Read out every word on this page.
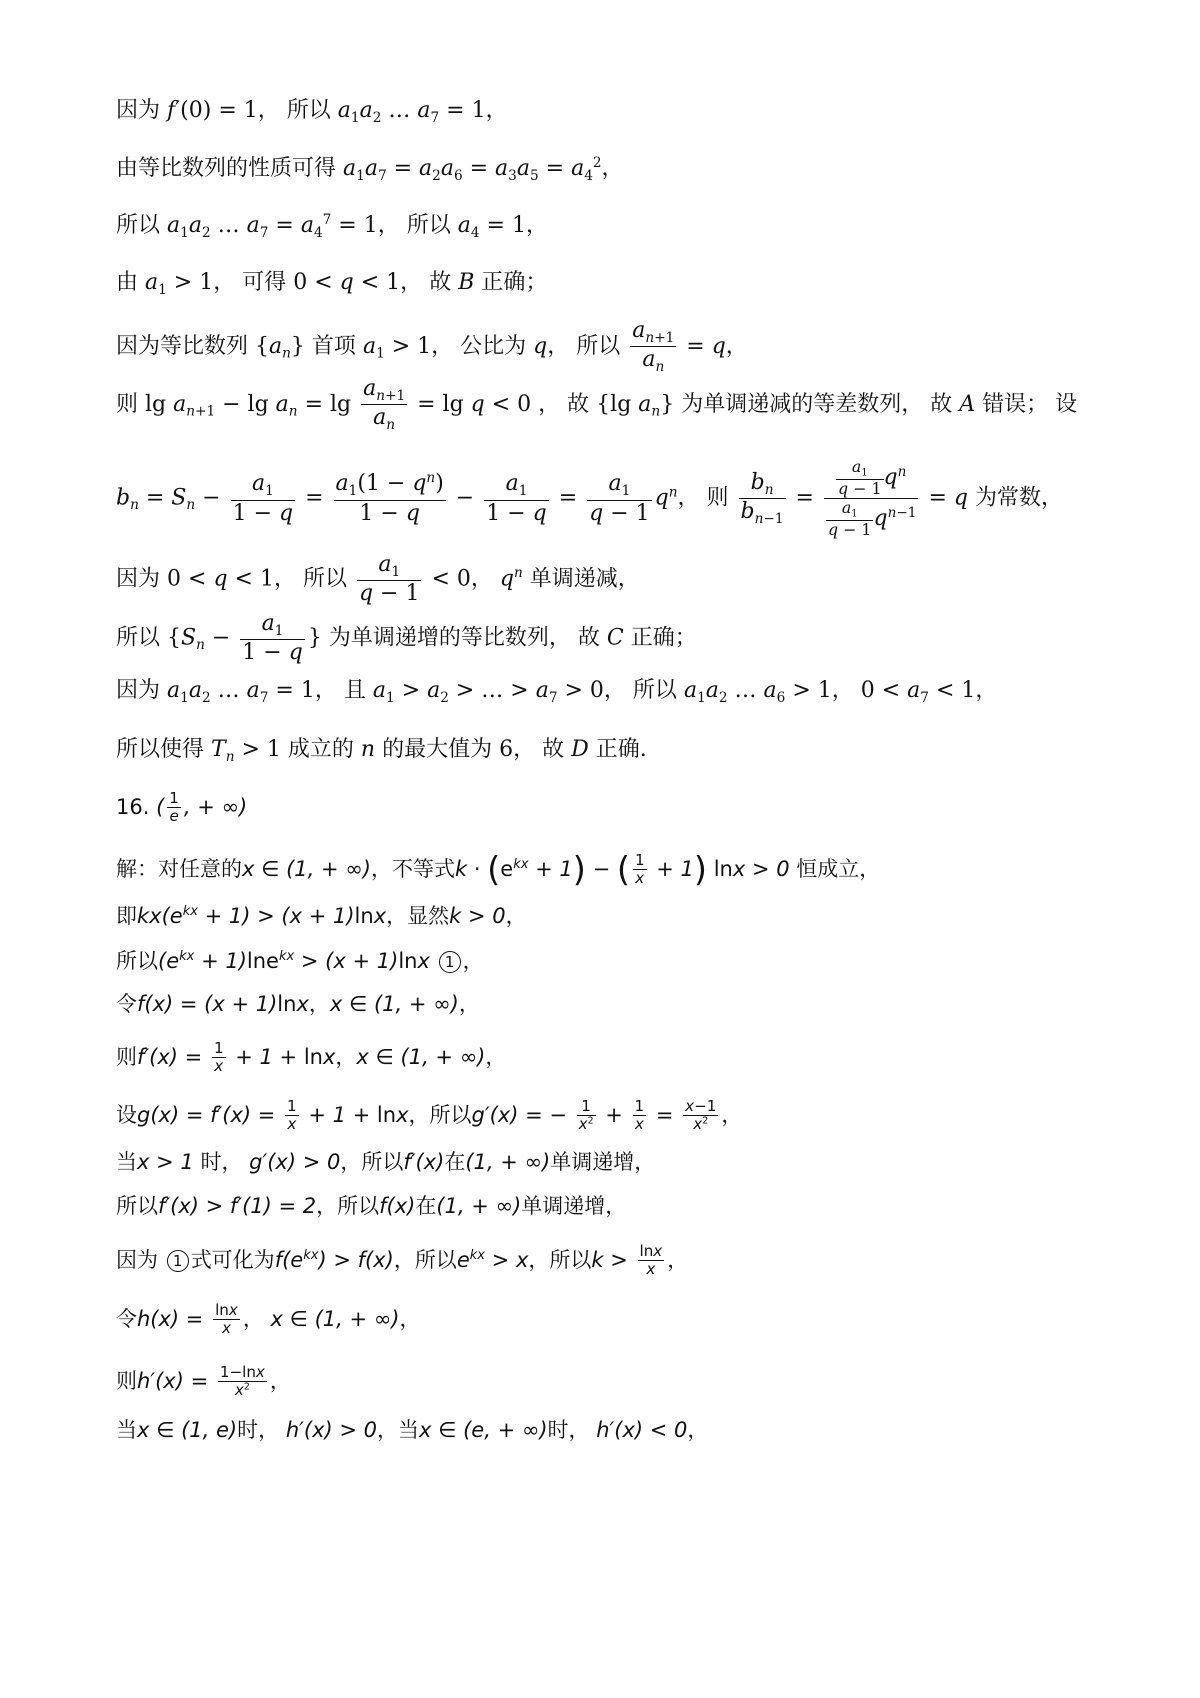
因为 f′(0) = 1， 所以 $a_1a_2$ … $a_7 = 1$，
由等比数列的性质可得 $a_1a_7 = a_2a_6 = a_3a_5 = a_4^2$，
所以 $a_1a_2$ … $a_7 = a_4^7 = 1$， 所以 $a_4 = 1$，
由 $a_1 > 1$， 可得 0 < q < 1， 故 B 正确；
因为等比数列 $\{a_n\}$ 首项 $a_1 > 1$， 公比为 q， 所以 $\frac{a_{n+1}}{a_n} = q$，
则 $\lg a_{n+1} - \lg a_n = \lg \frac{a_{n+1}}{a_n} = \lg q < 0$ ， 故 {lg $a_n$} 为单调递减的等差数列， 故 A 错误； 设
$b_n = S_n - \frac{a_1}{1 - q} = \frac{a_1(1 - q^n)}{1 - q} - \frac{a_1}{1 - q} = \frac{a_1}{q - 1} q^n$， 则 $\frac{b_n}{b_{n-1}} = \frac{\frac{a_1}{q - 1} q^n}{\frac{a_1}{q - 1} q^{n-1}} = q$ 为常数，
因为 0 < q < 1， 所以 $\frac{a_1}{q - 1} < 0$， $q^n$ 单调递减，
所以 {$S_n - \frac{a_1}{1 - q}$ } 为单调递增的等比数列， 故 C 正确；
因为 $a_1a_2$ … $a_7 = 1$， 且 $a_1 > a_2$ > … > $a_7 > 0$， 所以 $a_1a_2$ … $a_6 > 1$， $0 < a_7 < 1$，
所以使得 $T_n > 1$ 成立的 n 的最大值为 6， 故 D 正确.
16. ( $\frac{1}{e}$ , + ∞)
解：对任意的x ∈ (1, + ∞)，不等式$k \cdot (e^{kx} + 1)$ − ( $\frac{1}{x} + 1$) lnx > 0 恒成立，
即$kx(e^{kx} + 1) > (x + 1)\ln x$，显然k > 0，
所以$(e^{kx} + 1)\ln e^{kx} > (x + 1)\ln x$ 1 ，
令f(x) = (x + 1)lnx，x ∈ (1, + ∞)，
则$f'(x) = \frac{1}{x} + 1 + \ln x$，x ∈ (1, + ∞)，
设$g(x) = f'(x) = \frac{1}{x} + 1 + \ln x$，所以g′(x) = − $\frac{1}{x^2} + \frac{1}{x} = \frac{x-1}{x^2}$ ，
当x > 1 时， g′(x) > 0，所以f′(x)在(1, + ∞)单调递增，
所以f′(x) > f′(1) = 2，所以f(x)在(1, + ∞)单调递增，
因为 1 式可化为$f(e^{kx}) > f(x)$，所以$e^{kx} > x$，所以$k > \frac{\ln x}{x}$ ，
令$h(x) = \frac{\ln x}{x}$ ， x ∈ (1, + ∞)，
则$h'(x) = \frac{1-\ln x}{x^2}$ ，
当x ∈ (1, e)时， h′(x) > 0，当x ∈ (e, + ∞)时， h′(x) < 0，
